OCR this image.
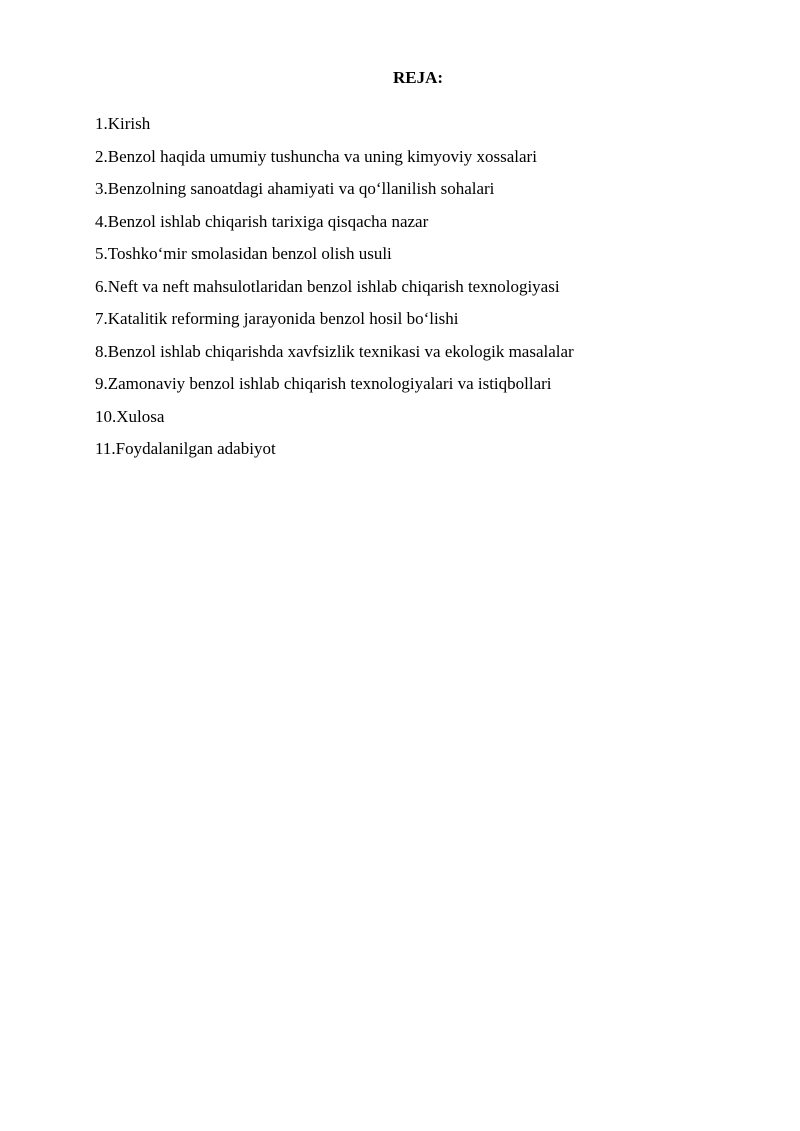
REJA:
1.Kirish
2.Benzol haqida umumiy tushuncha va uning kimyoviy xossalari
3.Benzolning sanoatdagi ahamiyati va qo‘llanilish sohalari
4.Benzol ishlab chiqarish tarixiga qisqacha nazar
5.Toshko‘mir smolasidan benzol olish usuli
6.Neft va neft mahsulotlaridan benzol ishlab chiqarish texnologiyasi
7.Katalitik reforming jarayonida benzol hosil bo‘lishi
8.Benzol ishlab chiqarishda xavfsizlik texnikasi va ekologik masalalar
9.Zamonaviy benzol ishlab chiqarish texnologiyalari va istiqbollari
10.Xulosa
11.Foydalanilgan adabiyot
